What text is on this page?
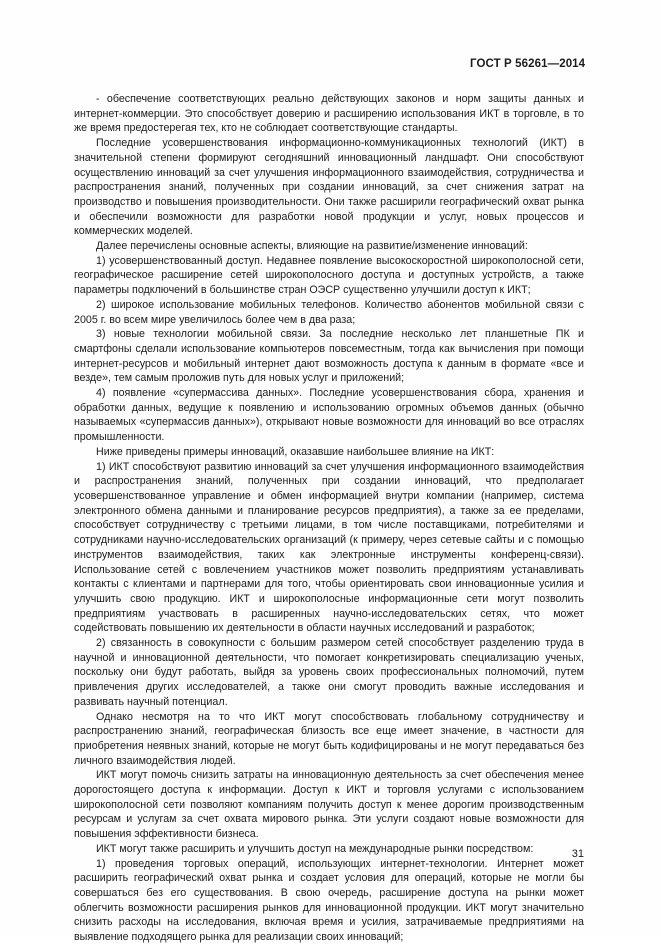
ГОСТ Р 56261—2014

- обеспечение соответствующих реально действующих законов и норм защиты данных и интернет-коммерции. Это способствует доверию и расширению использования ИКТ в торговле, в то же время предостерегая тех, кто не соблюдает соответствующие стандарты.

Последние усовершенствования информационно-коммуникационных технологий (ИКТ) в значительной степени формируют сегодняшний инновационный ландшафт. Они способствуют осуществлению инноваций за счет улучшения информационного взаимодействия, сотрудничества и распространения знаний, полученных при создании инноваций, за счет снижения затрат на производство и повышения производительности. Они также расширили географический охват рынка и обеспечили возможности для разработки новой продукции и услуг, новых процессов и коммерческих моделей.

Далее перечислены основные аспекты, влияющие на развитие/изменение инноваций:

1) усовершенствованный доступ. Недавнее появление высокоскоростной широкополосной сети, географическое расширение сетей широкополосного доступа и доступных устройств, а также параметры подключений в большинстве стран ОЭСР существенно улучшили доступ к ИКТ;

2) широкое использование мобильных телефонов. Количество абонентов мобильной связи с 2005 г. во всем мире увеличилось более чем в два раза;

3) новые технологии мобильной связи. За последние несколько лет планшетные ПК и смартфоны сделали использование компьютеров повсеместным, тогда как вычисления при помощи интернет-ресурсов и мобильный интернет дают возможность доступа к данным в формате «все и везде», тем самым проложив путь для новых услуг и приложений;

4) появление «супермассива данных». Последние усовершенствования сбора, хранения и обработки данных, ведущие к появлению и использованию огромных объемов данных (обычно называемых «супермассив данных»), открывают новые возможности для инноваций во все отраслях промышленности.

Ниже приведены примеры инноваций, оказавшие наибольшее влияние на ИКТ:

1) ИКТ способствуют развитию инноваций за счет улучшения информационного взаимодействия и распространения знаний, полученных при создании инноваций, что предполагает усовершенствованное управление и обмен информацией внутри компании (например, система электронного обмена данными и планирование ресурсов предприятия), а также за ее пределами, способствует сотрудничеству с третьими лицами, в том числе поставщиками, потребителями и сотрудниками научно-исследовательских организаций (к примеру, через сетевые сайты и с помощью инструментов взаимодействия, таких как электронные инструменты конференц-связи). Использование сетей с вовлечением участников может позволить предприятиям устанавливать контакты с клиентами и партнерами для того, чтобы ориентировать свои инновационные усилия и улучшить свою продукцию. ИКТ и широкополосные информационные сети могут позволить предприятиям участвовать в расширенных научно-исследовательских сетях, что может содействовать повышению их деятельности в области научных исследований и разработок;

2) связанность в совокупности с большим размером сетей способствует разделению труда в научной и инновационной деятельности, что помогает конкретизировать специализацию ученых, поскольку они будут работать, выйдя за уровень своих профессиональных полномочий, путем привлечения других исследователей, а также они смогут проводить важные исследования и развивать научный потенциал.

Однако несмотря на то что ИКТ могут способствовать глобальному сотрудничеству и распространению знаний, географическая близость все еще имеет значение, в частности для приобретения неявных знаний, которые не могут быть кодифицированы и не могут передаваться без личного взаимодействия людей.

ИКТ могут помочь снизить затраты на инновационную деятельность за счет обеспечения менее дорогостоящего доступа к информации. Доступ к ИКТ и торговля услугами с использованием широкополосной сети позволяют компаниям получить доступ к менее дорогим производственным ресурсам и услугам за счет охвата мирового рынка. Эти услуги создают новые возможности для повышения эффективности бизнеса.

ИКТ могут также расширить и улучшить доступ на международные рынки посредством:

1) проведения торговых операций, использующих интернет-технологии. Интернет может расширить географический охват рынка и создает условия для операций, которые не могли бы совершаться без его существования. В свою очередь, расширение доступа на рынки может облегчить возможности расширения рынков для инновационной продукции. ИКТ могут значительно снизить расходы на исследования, включая время и усилия, затрачиваемые предприятиями на выявление подходящего рынка для реализации своих инноваций;

31
